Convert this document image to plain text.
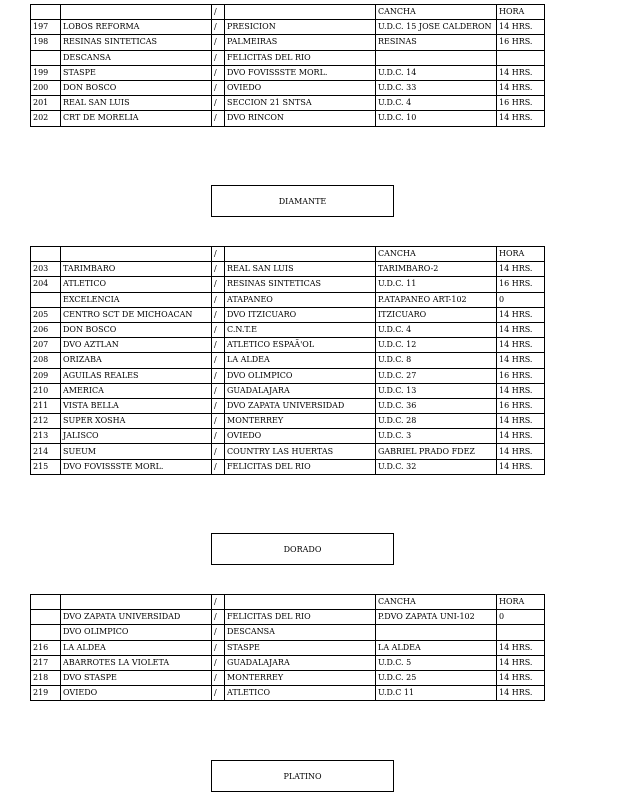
		/		CANCHA	HORA
197	LOBOS REFORMA	/	PRESICION	U.D.C. 15 JOSE CALDERON	14 HRS.
198	RESINAS SINTETICAS	/	PALMEIRAS	RESINAS	16 HRS.
	DESCANSA	/	FELICITAS DEL RIO		
199	STASPE	/	DVO FOVISSSTE MORL.	U.D.C. 14	14 HRS.
200	DON BOSCO	/	OVIEDO	U.D.C. 33	14 HRS.
201	REAL SAN LUIS	/	SECCION 21 SNTSA	U.D.C. 4	16 HRS.
202	CRT DE MORELIA	/	DVO RINCON	U.D.C. 10	14 HRS.
DIAMANTE
		/		CANCHA	HORA
203	TARIMBARO	/	REAL SAN LUIS	TARIMBARO-2	14 HRS.
204	ATLETICO	/	RESINAS SINTETICAS	U.D.C. 11	16 HRS.
	EXCELENCIA	/	ATAPANEO	P.ATAPANEO ART-102	0
205	CENTRO SCT DE MICHOACAN	/	DVO ITZICUARO	ITZICUARO	14 HRS.
206	DON BOSCO	/	C.N.T.E	U.D.C. 4	14 HRS.
207	DVO AZTLAN	/	ATLETICO ESPAÃ'OL	U.D.C. 12	14 HRS.
208	ORIZABA	/	LA ALDEA	U.D.C. 8	14 HRS.
209	AGUILAS REALES	/	DVO OLIMPICO	U.D.C. 27	16 HRS.
210	AMERICA	/	GUADALAJARA	U.D.C. 13	14 HRS.
211	VISTA BELLA	/	DVO ZAPATA UNIVERSIDAD	U.D.C. 36	16 HRS.
212	SUPER XOSHA	/	MONTERREY	U.D.C. 28	14 HRS.
213	JALISCO	/	OVIEDO	U.D.C. 3	14 HRS.
214	SUEUM	/	COUNTRY LAS HUERTAS	GABRIEL PRADO FDEZ	14 HRS.
215	DVO FOVISSSTE MORL.	/	FELICITAS DEL RIO	U.D.C. 32	14 HRS.
DORADO
		/		CANCHA	HORA
	DVO ZAPATA UNIVERSIDAD	/	FELICITAS DEL RIO	P.DVO ZAPATA UNI-102	0
	DVO OLIMPICO	/	DESCANSA		
216	LA ALDEA	/	STASPE	LA ALDEA	14 HRS.
217	ABARROTES LA VIOLETA	/	GUADALAJARA	U.D.C. 5	14 HRS.
218	DVO STASPE	/	MONTERREY	U.D.C. 25	14 HRS.
219	OVIEDO	/	ATLETICO	U.D.C 11	14 HRS.
PLATINO
